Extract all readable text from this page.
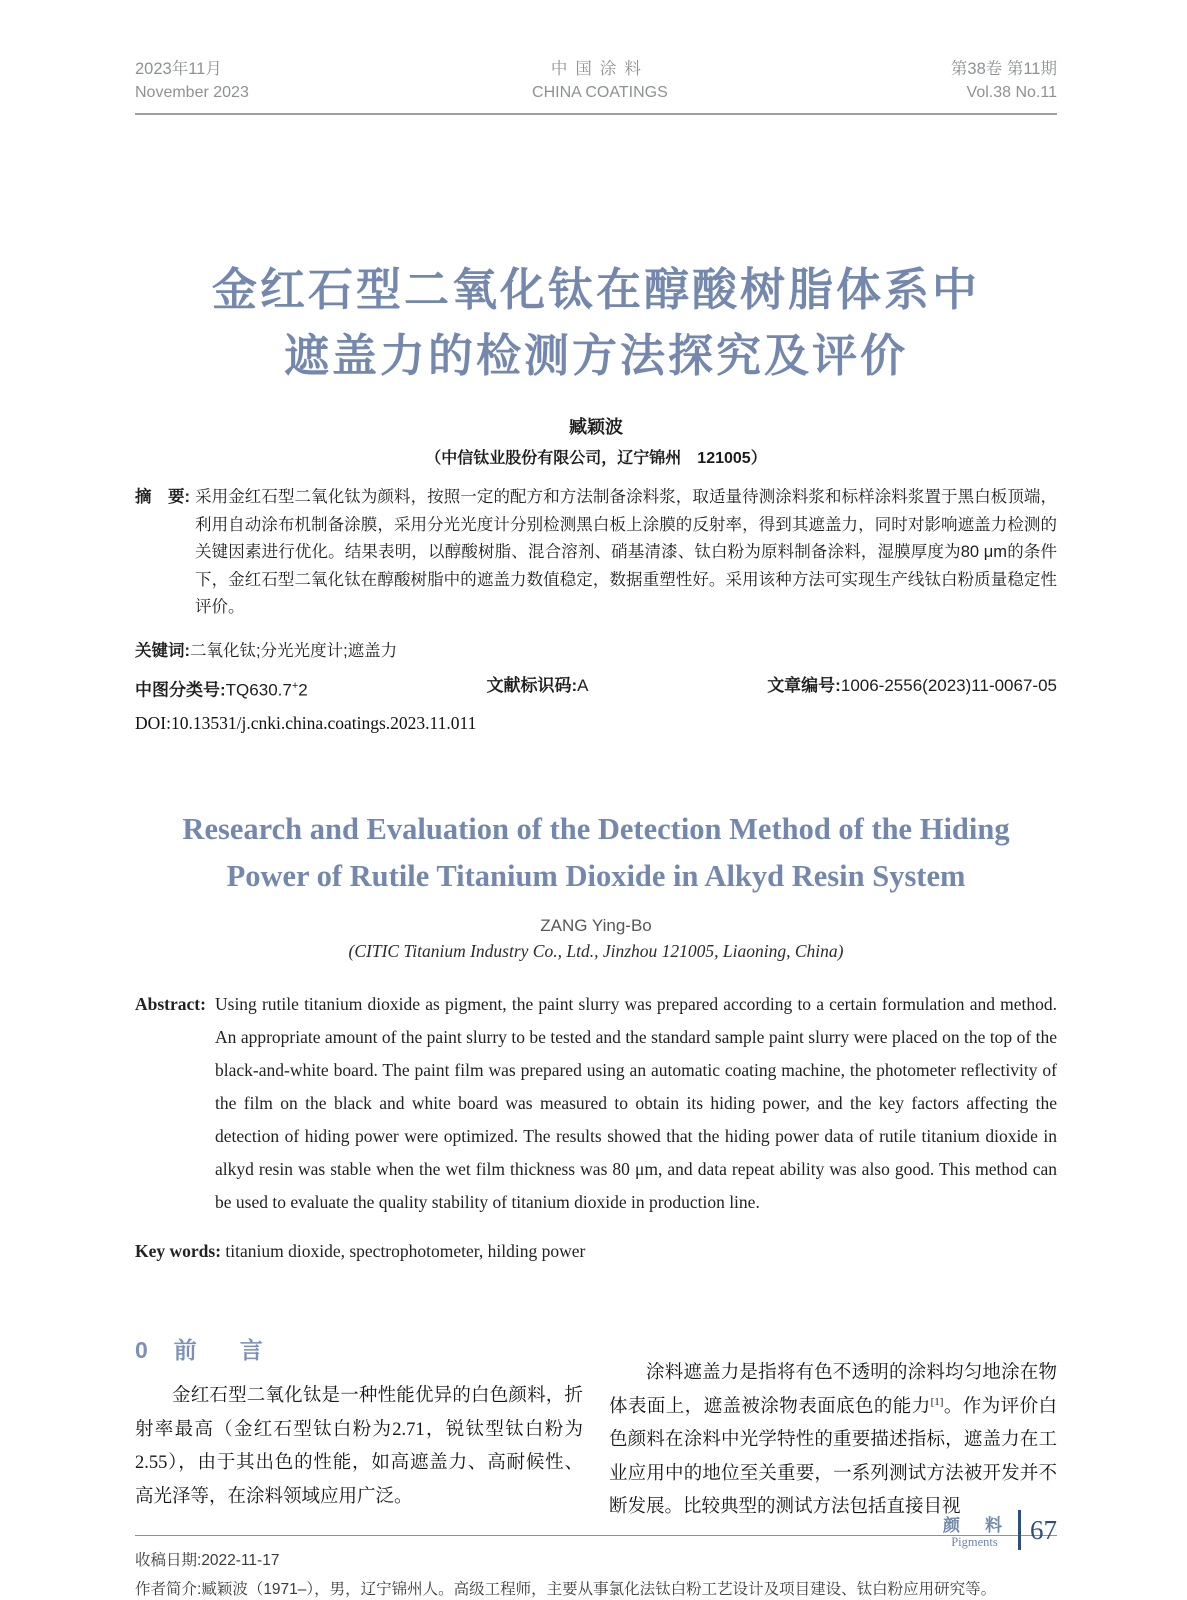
2023年11月
November 2023
中国涂料
CHINA COATINGS
第38卷 第11期
Vol.38 No.11
金红石型二氧化钛在醇酸树脂体系中
遮盖力的检测方法探究及评价
臧颖波
（中信钛业股份有限公司，辽宁锦州　121005）

摘　要: 采用金红石型二氧化钛为颜料，按照一定的配方和方法制备涂料浆，取适量待测涂料浆和标样涂料浆置于黑白板顶端，利用自动涂布机制备涂膜，采用分光光度计分别检测黑白板上涂膜的反射率，得到其遮盖力，同时对影响遮盖力检测的关键因素进行优化。结果表明，以醇酸树脂、混合溶剂、硝基清漆、钛白粉为原料制备涂料，湿膜厚度为80 μm的条件下，金红石型二氧化钛在醇酸树脂中的遮盖力数值稳定，数据重塑性好。采用该种方法可实现生产线钛白粉质量稳定性评价。

关键词:二氧化钛;分光光度计;遮盖力

中图分类号:TQ630.7+2	文献标识码:A	文章编号:1006-2556(2023)11-0067-05
DOI:10.13531/j.cnki.china.coatings.2023.11.011
Research and Evaluation of the Detection Method of the Hiding Power of Rutile Titanium Dioxide in Alkyd Resin System
ZANG Ying-Bo
(CITIC Titanium Industry Co., Ltd., Jinzhou 121005, Liaoning, China)

Abstract: Using rutile titanium dioxide as pigment, the paint slurry was prepared according to a certain formulation and method. An appropriate amount of the paint slurry to be tested and the standard sample paint slurry were placed on the top of the black-and-white board. The paint film was prepared using an automatic coating machine, the photometer reflectivity of the film on the black and white board was measured to obtain its hiding power, and the key factors affecting the detection of hiding power were optimized. The results showed that the hiding power data of rutile titanium dioxide in alkyd resin was stable when the wet film thickness was 80 μm, and data repeat ability was also good. This method can be used to evaluate the quality stability of titanium dioxide in production line.

Key words: titanium dioxide, spectrophotometer, hilding power

0 前　言

金红石型二氧化钛是一种性能优异的白色颜料，折射率最高（金红石型钛白粉为2.71，锐钛型钛白粉为2.55），由于其出色的性能，如高遮盖力、高耐候性、高光泽等，在涂料领域应用广泛。

涂料遮盖力是指将有色不透明的涂料均匀地涂在物体表面上，遮盖被涂物表面底色的能力[1]。作为评价白色颜料在涂料中光学特性的重要描述指标，遮盖力在工业应用中的地位至关重要，一系列测试方法被开发并不断发展。比较典型的测试方法包括直接目视

收稿日期:2022-11-17
作者简介:臧颖波（1971–），男，辽宁锦州人。高级工程师，主要从事氯化法钛白粉工艺设计及项目建设、钛白粉应用研究等。
颜　料
Pigments	67
